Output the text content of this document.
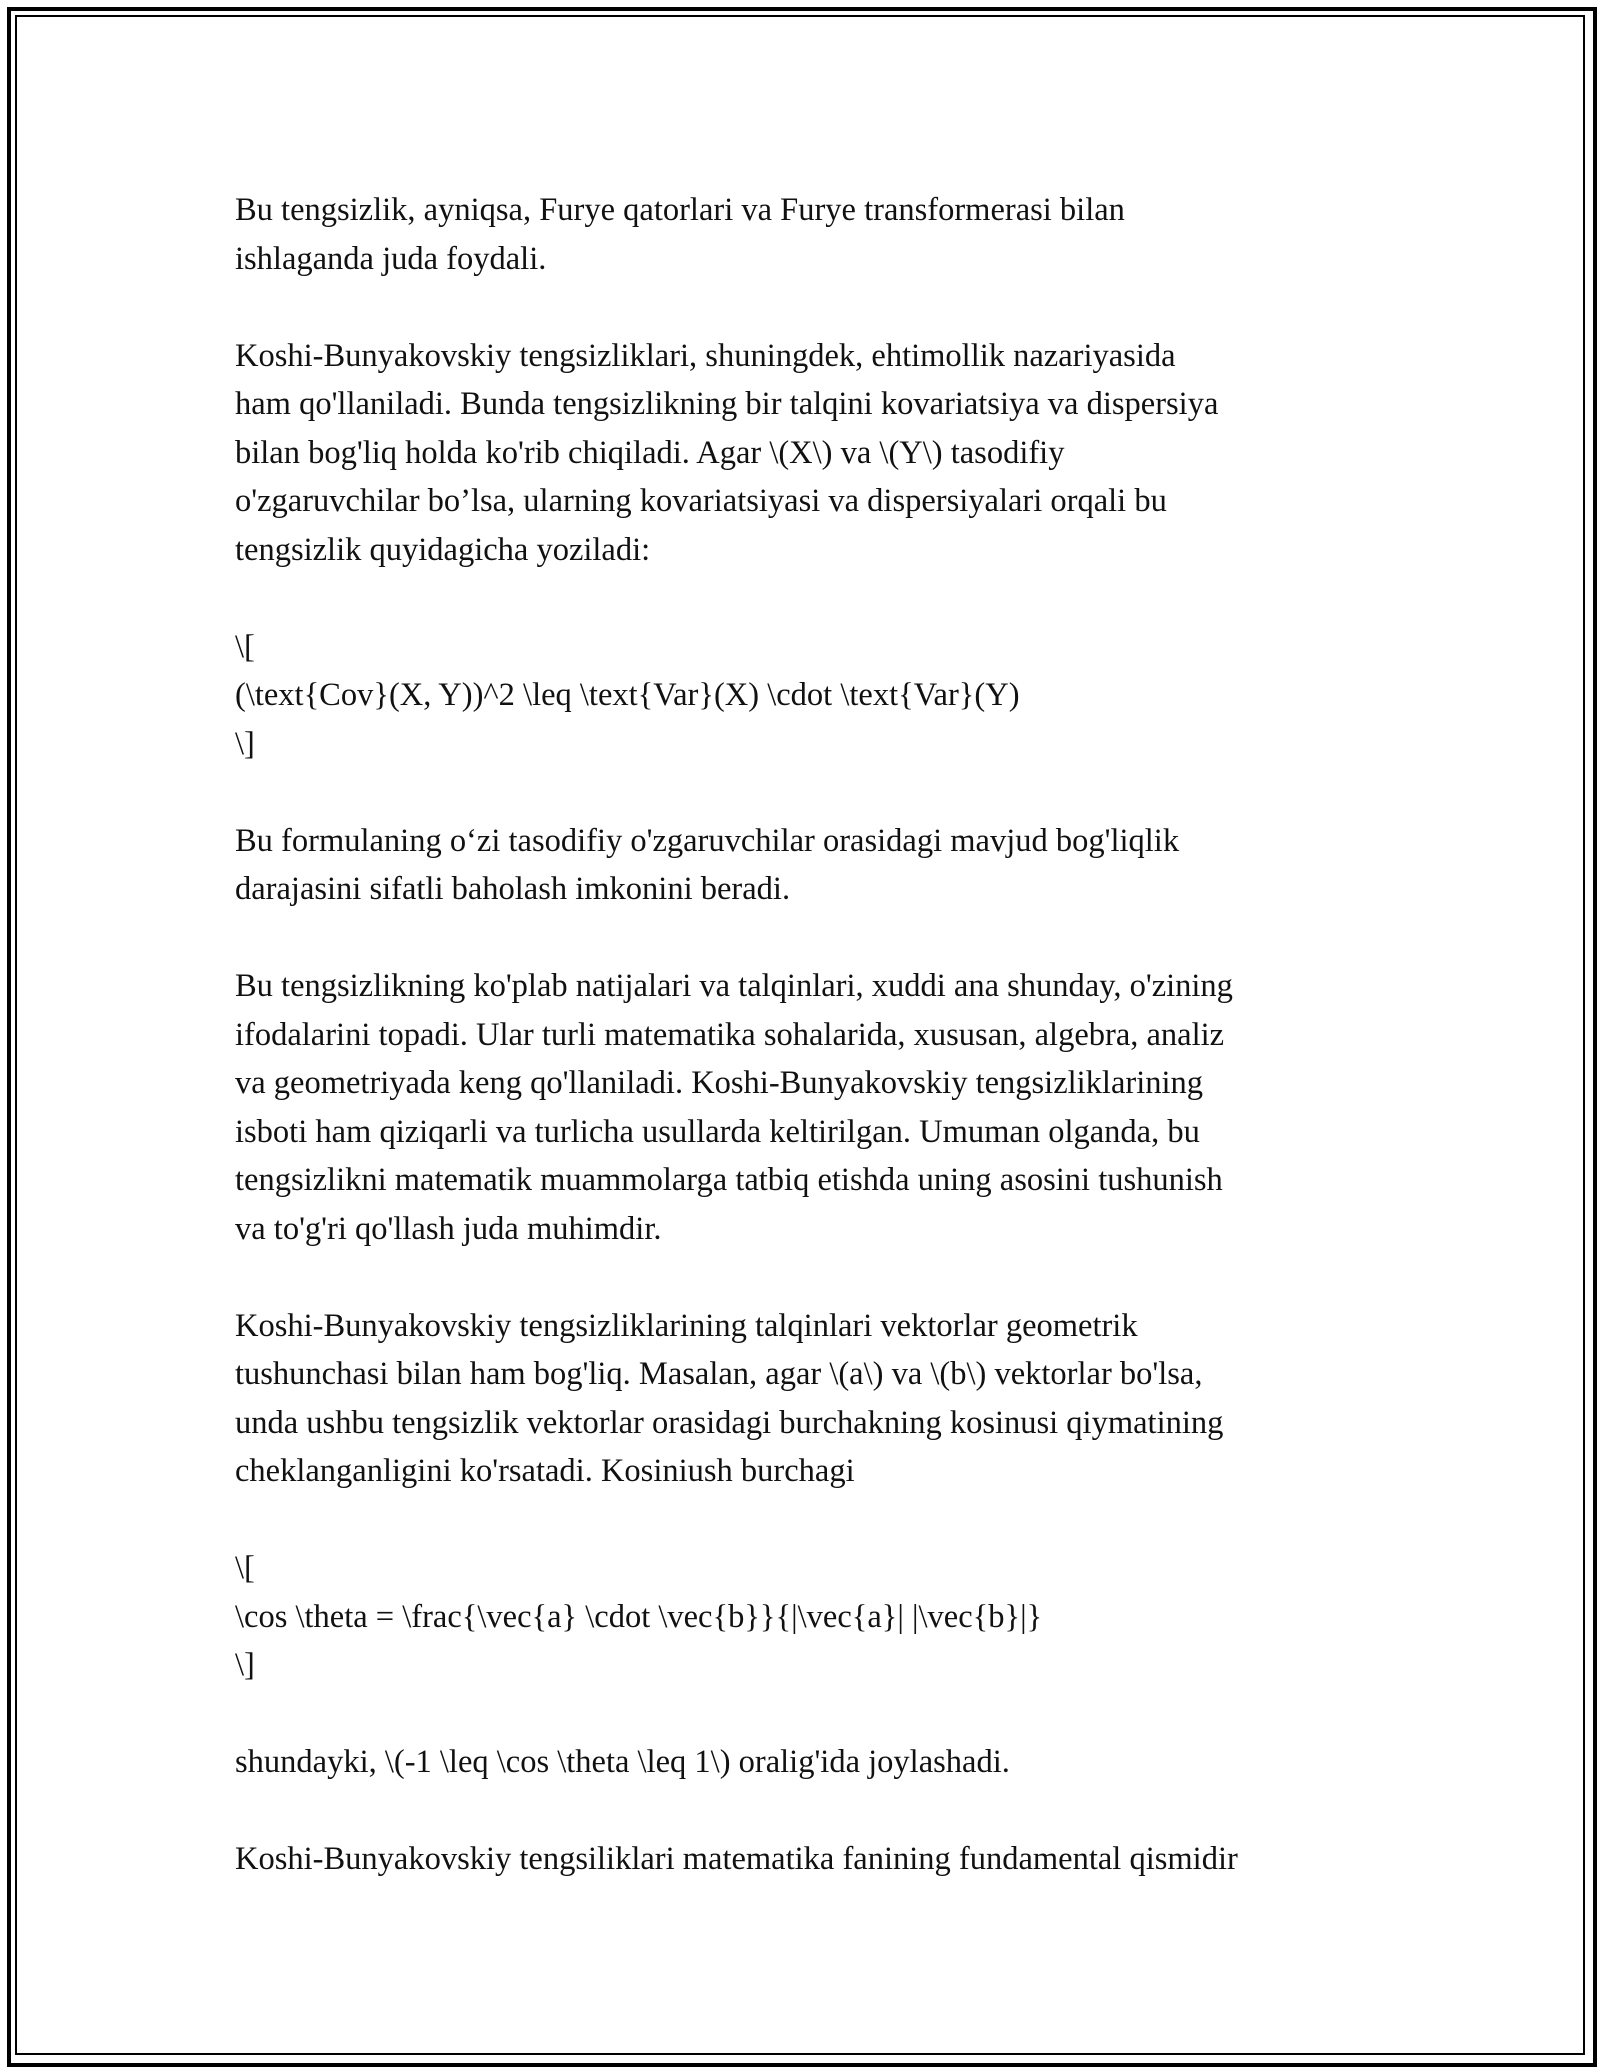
Bu tengsizlik, ayniqsa, Furye qatorlari va Furye transformerasi bilan
ishlaganda juda foydali.

Koshi-Bunyakovskiy tengsizliklari, shuningdek, ehtimollik nazariyasida
ham qo'llaniladi. Bunda tengsizlikning bir talqini kovariatsiya va dispersiya
bilan bog'liq holda ko'rib chiqiladi. Agar \(X\) va \(Y\) tasodifiy
o'zgaruvchilar bo’lsa, ularning kovariatsiyasi va dispersiyalari orqali bu
tengsizlik quyidagicha yoziladi:

\[

(\text{Cov}(X, Y))^2 \leq \text{Var}(X) \cdot \text{Var}(Y)

\]

Bu formulaning o‘zi tasodifiy o'zgaruvchilar orasidagi mavjud bog'liqlik
darajasini sifatli baholash imkonini beradi.

Bu tengsizlikning ko'plab natijalari va talqinlari, xuddi ana shunday, o'zining
ifodalarini topadi. Ular turli matematika sohalarida, xususan, algebra, analiz
va geometriyada keng qo'llaniladi. Koshi-Bunyakovskiy tengsizliklarining
isboti ham qiziqarli va turlicha usullarda keltirilgan. Umuman olganda, bu
tengsizlikni matematik muammolarga tatbiq etishda uning asosini tushunish
va to'g'ri qo'llash juda muhimdir.

Koshi-Bunyakovskiy tengsizliklarining talqinlari vektorlar geometrik
tushunchasi bilan ham bog'liq. Masalan, agar \(a\) va \(b\) vektorlar bo'lsa,
unda ushbu tengsizlik vektorlar orasidagi burchakning kosinusi qiymatining
cheklanganligini ko'rsatadi. Kosiniush burchagi

\[

\cos \theta = \frac{\vec{a} \cdot \vec{b}}{|\vec{a}| |\vec{b}|}

\]

shundayki, \(-1 \leq \cos \theta \leq 1\) oralig'ida joylashadi.

Koshi-Bunyakovskiy tengsiliklari matematika fanining fundamental qismidir
